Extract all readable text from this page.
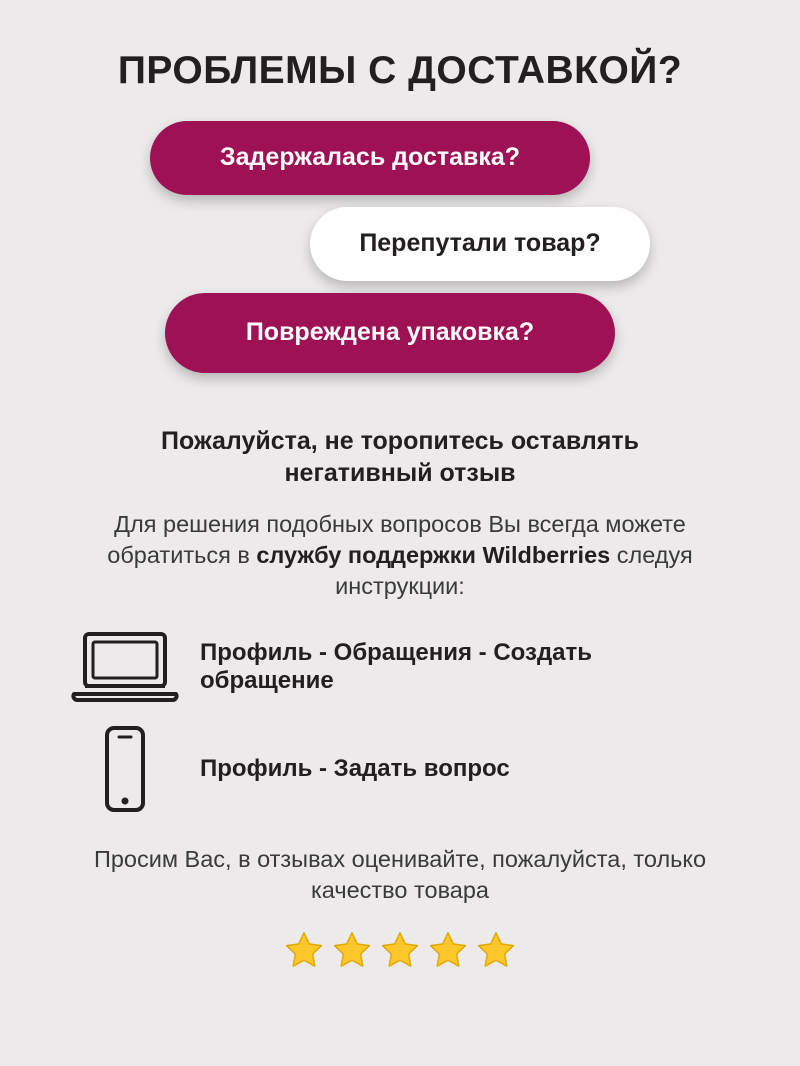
ПРОБЛЕМЫ С ДОСТАВКОЙ?
Задержалась доставка?
Перепутали товар?
Повреждена упаковка?
Пожалуйста, не торопитесь оставлять негативный отзыв
Для решения подобных вопросов Вы всегда можете обратиться в службу поддержки Wildberries следуя инструкции:
Профиль - Обращения - Создать обращение
Профиль - Задать вопрос
Просим Вас, в отзывах оценивайте, пожалуйста, только качество товара
